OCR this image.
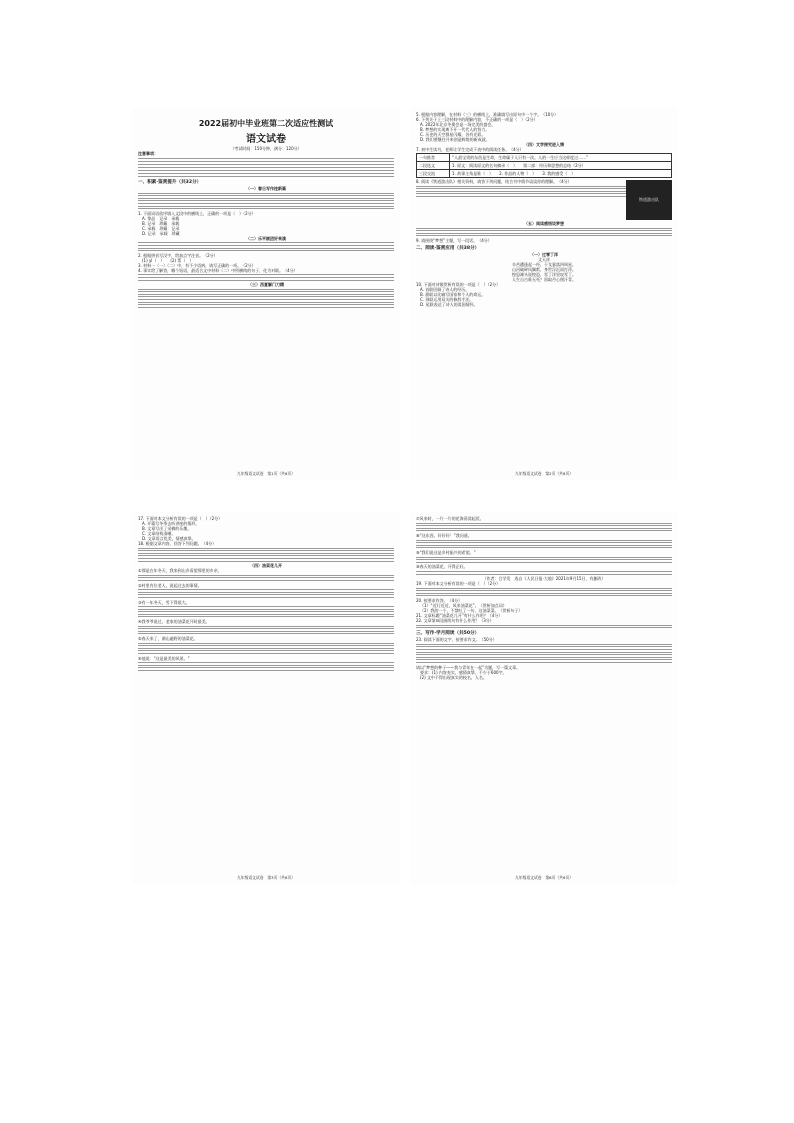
2022届初中毕业班第二次适应性测试
语文试卷

（考试时间：150分钟，满分：120分）

注意事项：

一、积累·鉴赏提升（共32分）

（一）春日写作挂新篇

1. 下面词语依序填入文段中的横线上，正确的一项是（　）（2分）

A. 挚品　记录　承载

B. 记录　珍藏　承载

C. 承载　珍藏　记录

D. 记录　承载　珍藏

（二）乐平剧团好来演

2. 根据拼音写汉字，给加点字注音。（2分）

(1) yì（　）　　(2) 帮（　）

3. 材料一（一）（二）中，有不少语病，请写正确的一项。（2分）

4. 事实给了解答，哪个短语，最适合文中材料（二）中所横线的句子，化为对联。（4分）

（三）西夏解门刀精

九年级语文试卷　第1页（共6页）

5. 根据内容理解，在材料（三）的横线上，准确填写出原句中一个字。（10分）

6. 下列关于上三段材料中的理解内容，不正确的一项是（　）（2分）

A. 2022年北京冬奥会是一场完美的盛会。

B. 梦想的实现离不开一代代人的努力。

C. 历史的天空群星闪耀，各有光彩。

D. 我们要继往开来创造辉煌的新成就。

（四）文学探究进入情

7. 初中生读书，老师让学生完成下表中的阅读任务。（4分）

一句推荐	“人最宝贵的东西是生命，生命属于人只有一次。人的一生应当这样度过……”
二段选文	1. 原文：阅读原文的名句摘录（　）　　第二部：经历和思想的总结（2分）
三段交流	1. 故事主角是谁（　）　　2. 作品的人物（　）　　3. 我的感受（　）
铁道游击队

8. 阅读《铁道游击队》相关资料，请答下列问题，结合书中情节谈谈你的理解。（4分）

（五）阅读感悟谈梦想

9. 请围绕“梦想”主题，写一段话。（4分）

二、阅读·鉴赏应用（共38分）

（一）过零丁洋

文天祥

辛苦遭逢起一经，干戈寥落四周星。

山河破碎风飘絮，身世浮沉雨打萍。

惶恐滩头说惶恐，零丁洋里叹零丁。

人生自古谁无死？留取丹心照汗青。

10. 下面对诗歌赏析有误的一项是（　）（2分）

A. 首联回顾了诗人的经历。

B. 颔联以比喻写国家和个人的命运。

C. 颈联运用双关的修辞手法。

D. 尾联表达了诗人的爱国情怀。

九年级语文试卷　第2页（共6页）

17. 下面对本文分析有误的一项是（　）（2分）

A. 开篇写冬季去听讲座的情形。

B. 文章写出了采摘的乐趣。

C. 文章结构清晰。

D. 文章语言优美，情感真挚。

18. 根据文章内容，回答下列问题。（4分）

（四）油菜花儿开

①那是在年冬天，我来到山乡看望那里的乡亲。

②村里有位老人，说起过去的事情。

③有一年冬天，雪下得很大。

④我爷爷说过，老家的油菜花开时最美。

⑤春天来了，满山遍野的油菜花。

⑥他说：“这是最美的风景。”

九年级语文试卷　第3页（共6页）

⑦风来时，一片一片的花海荡漾起伏。

⑧“这东西，好好好！”我问道。

⑨“我们说这是乡村振兴的希望。”

⑩春天的油菜花，开得正旺。

（作者：吕学发　选自《人民日报·大地》2021年9月15日，有删改）

19. 下面对本文分析有误的一项是（　）（2分）

20. 按要求作答。（4分）

（1）“近行近近，风来油菜花”。（赏析加点词）

（2）我的一个，不禁吐了一句，这油菜菜。（赏析句子）

21. 文章标题“油菜花儿开”有什么作用？（4分）

22. 文章第⑩段画线句有什么作用？（3分）

三、写作·学月阅读（共50分）

23. 阅读下面的文字，按要求作文。（50分）

请以“梦想的种子——我与青年在一起”为题，写一篇文章。

要求：(1) 内容充实，感情真挚，不少于600字。

(2) 文中不得出现真实的校名、人名。

九年级语文试卷　第6页（共6页）
